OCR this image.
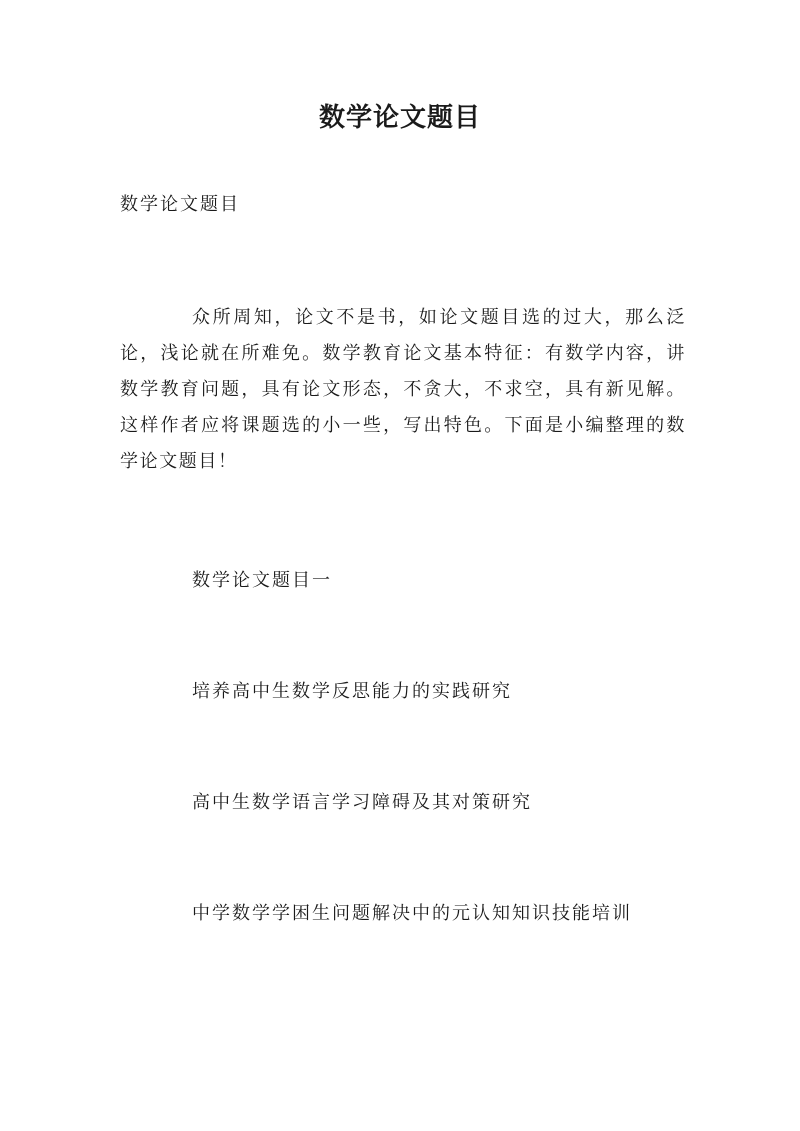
数学论文题目
数学论文题目

众所周知，论文不是书，如论文题目选的过大，那么泛论，浅论就在所难免。数学教育论文基本特征：有数学内容，讲数学教育问题，具有论文形态，不贪大，不求空，具有新见解。这样作者应将课题选的小一些，写出特色。下面是小编整理的数学论文题目！

数学论文题目一
培养高中生数学反思能力的实践研究
高中生数学语言学习障碍及其对策研究
中学数学学困生问题解决中的元认知知识技能培训
